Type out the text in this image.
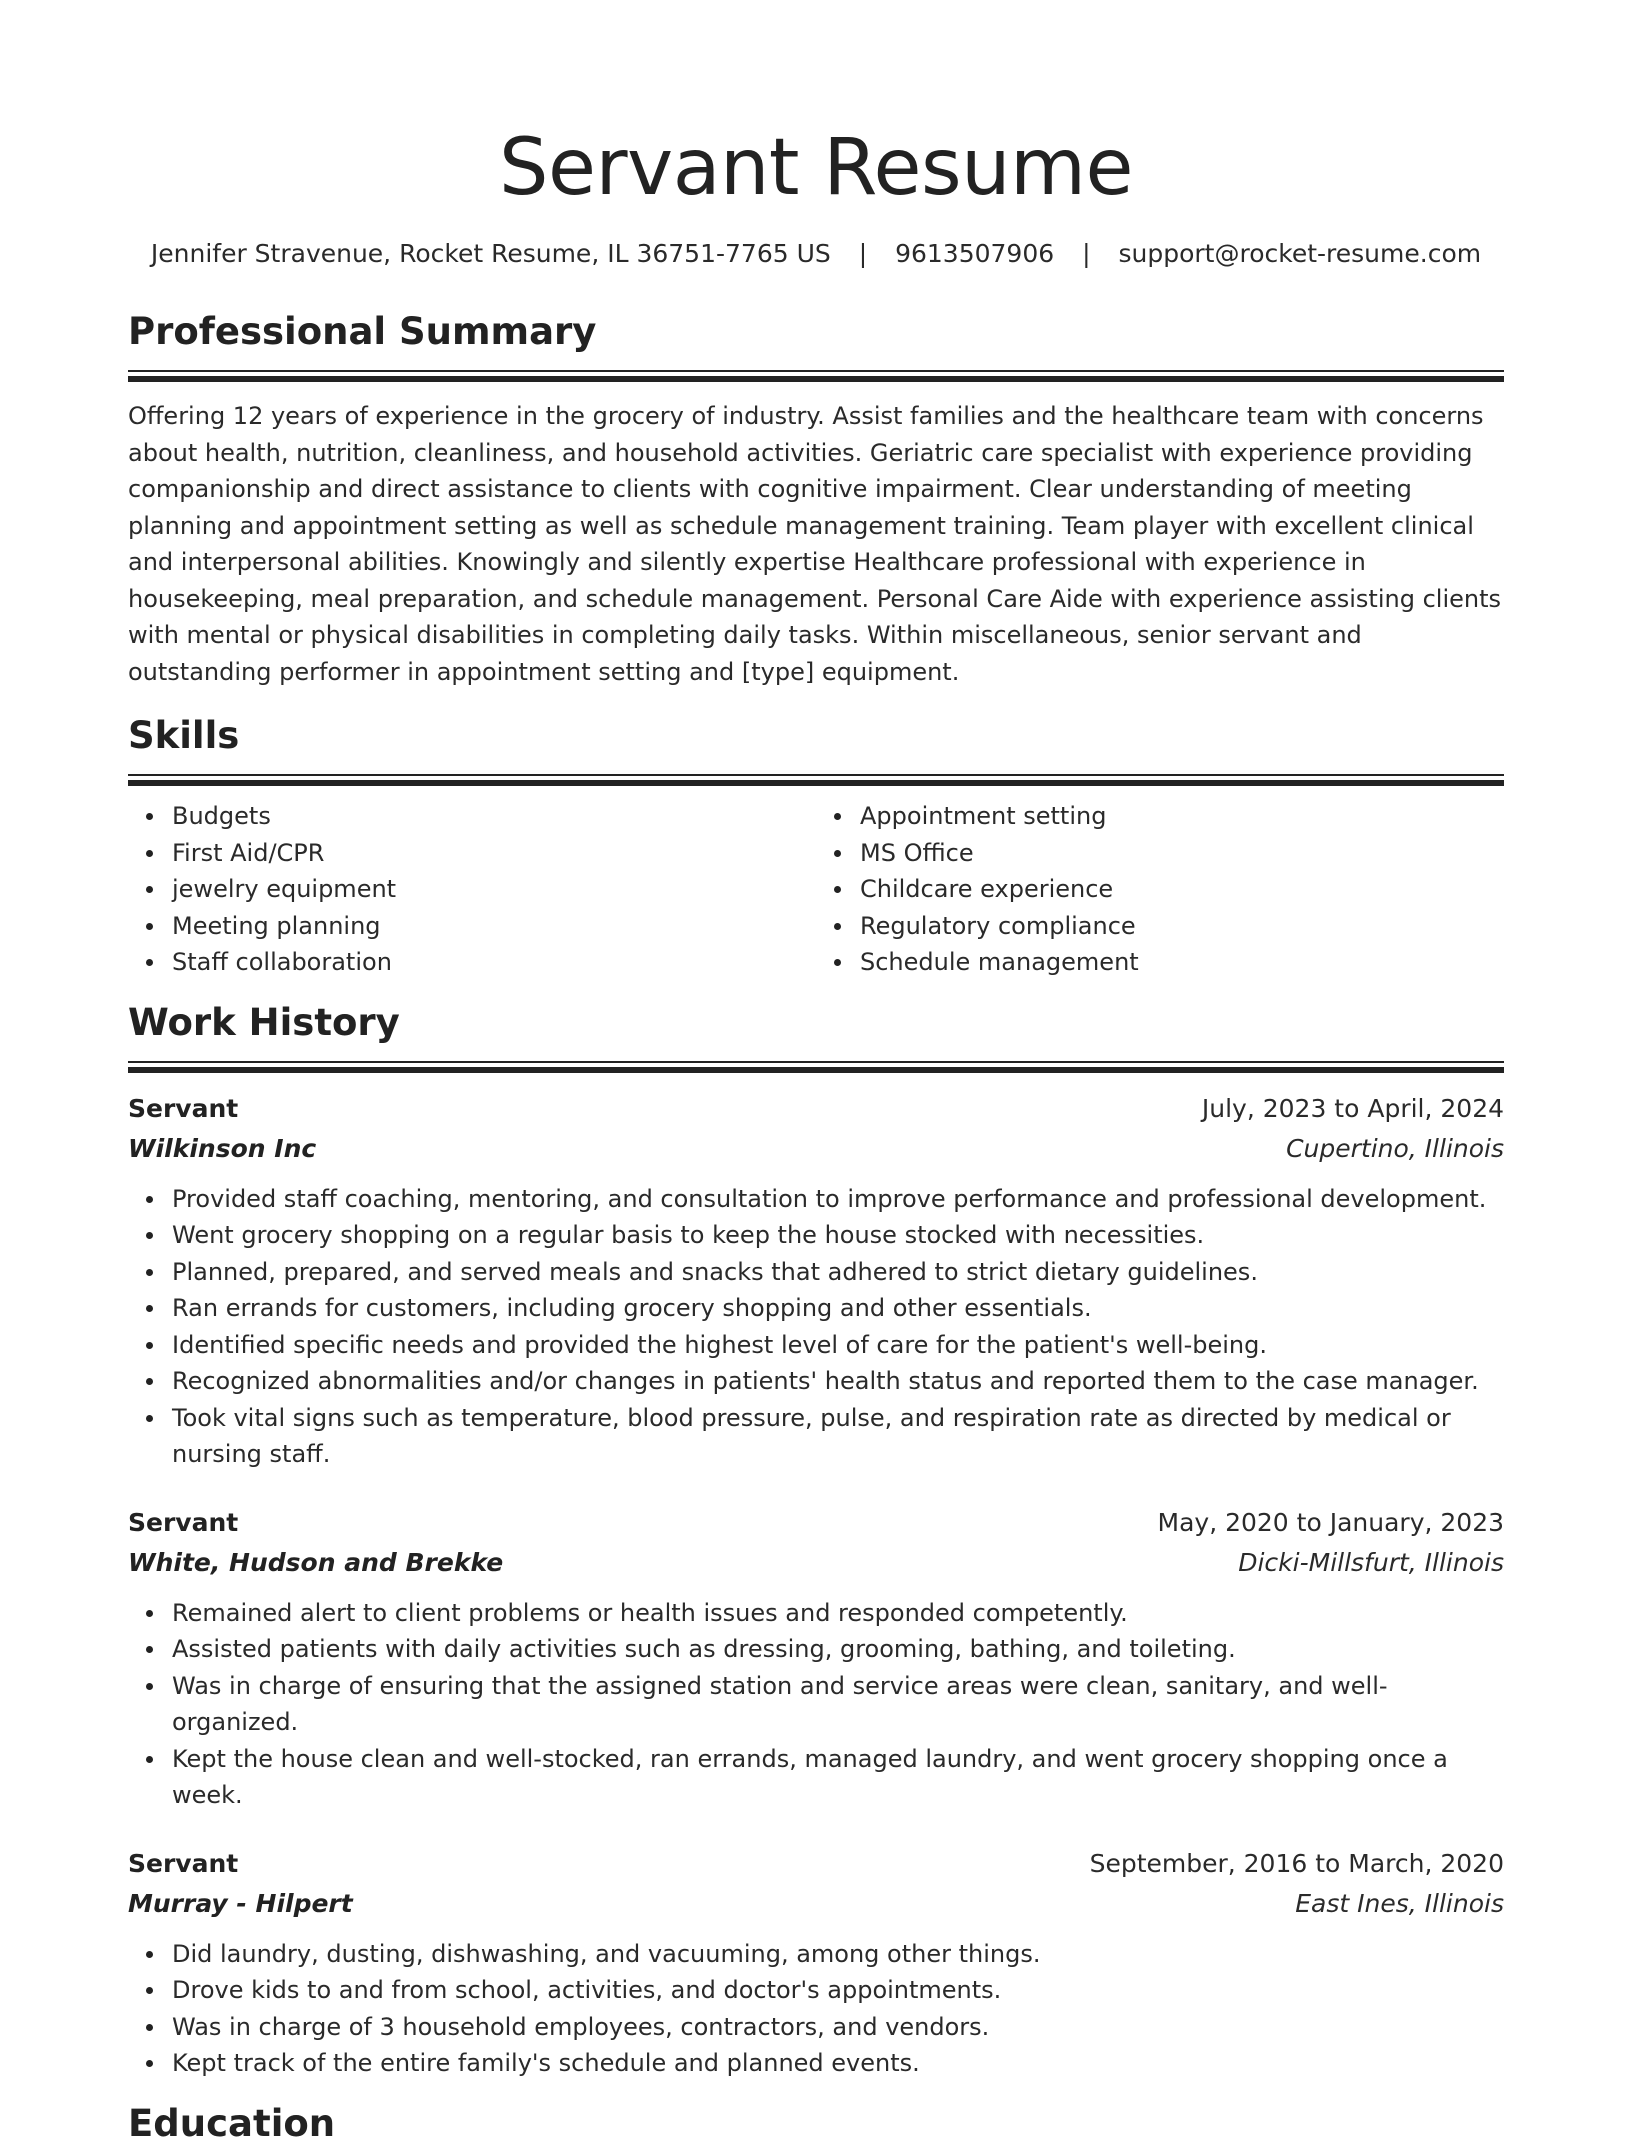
Servant Resume
Jennifer Stravenue, Rocket Resume, IL 36751-7765 US | 9613507906 | support@rocket-resume.com
Professional Summary

Offering 12 years of experience in the grocery of industry. Assist families and the healthcare team with concerns about health, nutrition, cleanliness, and household activities. Geriatric care specialist with experience providing companionship and direct assistance to clients with cognitive impairment. Clear understanding of meeting planning and appointment setting as well as schedule management training. Team player with excellent clinical and interpersonal abilities. Knowingly and silently expertise Healthcare professional with experience in housekeeping, meal preparation, and schedule management. Personal Care Aide with experience assisting clients with mental or physical disabilities in completing daily tasks. Within miscellaneous, senior servant and outstanding performer in appointment setting and [type] equipment.

Skills
Budgets
First Aid/CPR
jewelry equipment
Meeting planning
Staff collaboration
Appointment setting
MS Office
Childcare experience
Regulatory compliance
Schedule management
Work History
Servant	July, 2023 to April, 2024
Wilkinson Inc	Cupertino, Illinois
Provided staff coaching, mentoring, and consultation to improve performance and professional development.
Went grocery shopping on a regular basis to keep the house stocked with necessities.
Planned, prepared, and served meals and snacks that adhered to strict dietary guidelines.
Ran errands for customers, including grocery shopping and other essentials.
Identified specific needs and provided the highest level of care for the patient's well-being.
Recognized abnormalities and/or changes in patients' health status and reported them to the case manager.
Took vital signs such as temperature, blood pressure, pulse, and respiration rate as directed by medical or nursing staff.
Servant	May, 2020 to January, 2023
White, Hudson and Brekke	Dicki-Millsfurt, Illinois
Remained alert to client problems or health issues and responded competently.
Assisted patients with daily activities such as dressing, grooming, bathing, and toileting.
Was in charge of ensuring that the assigned station and service areas were clean, sanitary, and well-organized.
Kept the house clean and well-stocked, ran errands, managed laundry, and went grocery shopping once a week.
Servant	September, 2016 to March, 2020
Murray - Hilpert	East Ines, Illinois
Did laundry, dusting, dishwashing, and vacuuming, among other things.
Drove kids to and from school, activities, and doctor's appointments.
Was in charge of 3 household employees, contractors, and vendors.
Kept track of the entire family's schedule and planned events.
Education
